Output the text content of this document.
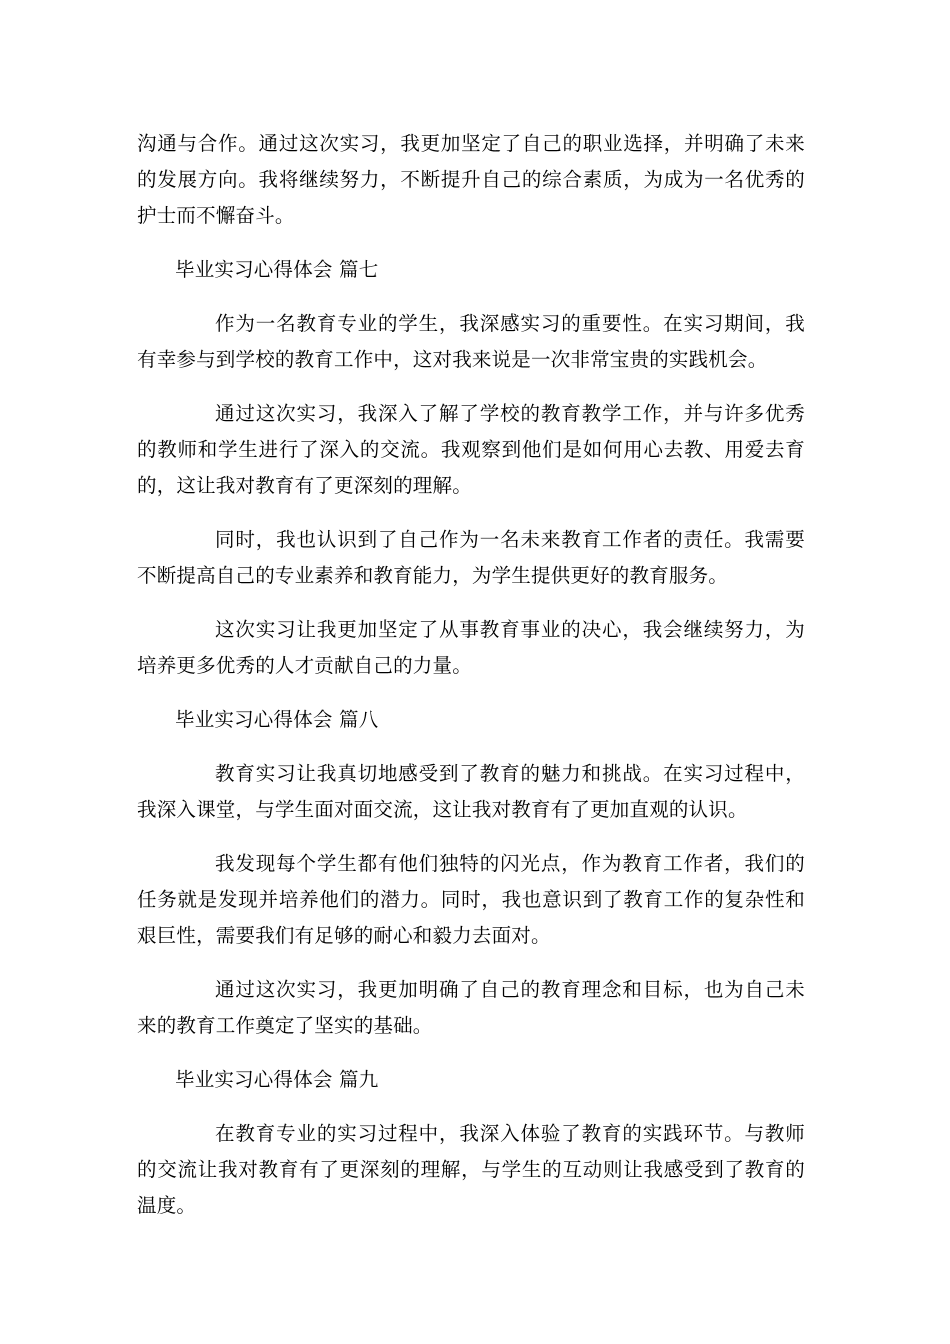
沟通与合作。通过这次实习，我更加坚定了自己的职业选择，并明确了未来的发展方向。我将继续努力，不断提升自己的综合素质，为成为一名优秀的护士而不懈奋斗。

毕业实习心得体会 篇七

作为一名教育专业的学生，我深感实习的重要性。在实习期间，我有幸参与到学校的教育工作中，这对我来说是一次非常宝贵的实践机会。

通过这次实习，我深入了解了学校的教育教学工作，并与许多优秀的教师和学生进行了深入的交流。我观察到他们是如何用心去教、用爱去育的，这让我对教育有了更深刻的理解。

同时，我也认识到了自己作为一名未来教育工作者的责任。我需要不断提高自己的专业素养和教育能力，为学生提供更好的教育服务。

这次实习让我更加坚定了从事教育事业的决心，我会继续努力，为培养更多优秀的人才贡献自己的力量。

毕业实习心得体会 篇八

教育实习让我真切地感受到了教育的魅力和挑战。在实习过程中，我深入课堂，与学生面对面交流，这让我对教育有了更加直观的认识。

我发现每个学生都有他们独特的闪光点，作为教育工作者，我们的任务就是发现并培养他们的潜力。同时，我也意识到了教育工作的复杂性和艰巨性，需要我们有足够的耐心和毅力去面对。

通过这次实习，我更加明确了自己的教育理念和目标，也为自己未来的教育工作奠定了坚实的基础。

毕业实习心得体会 篇九

在教育专业的实习过程中，我深入体验了教育的实践环节。与教师的交流让我对教育有了更深刻的理解，与学生的互动则让我感受到了教育的温度。
